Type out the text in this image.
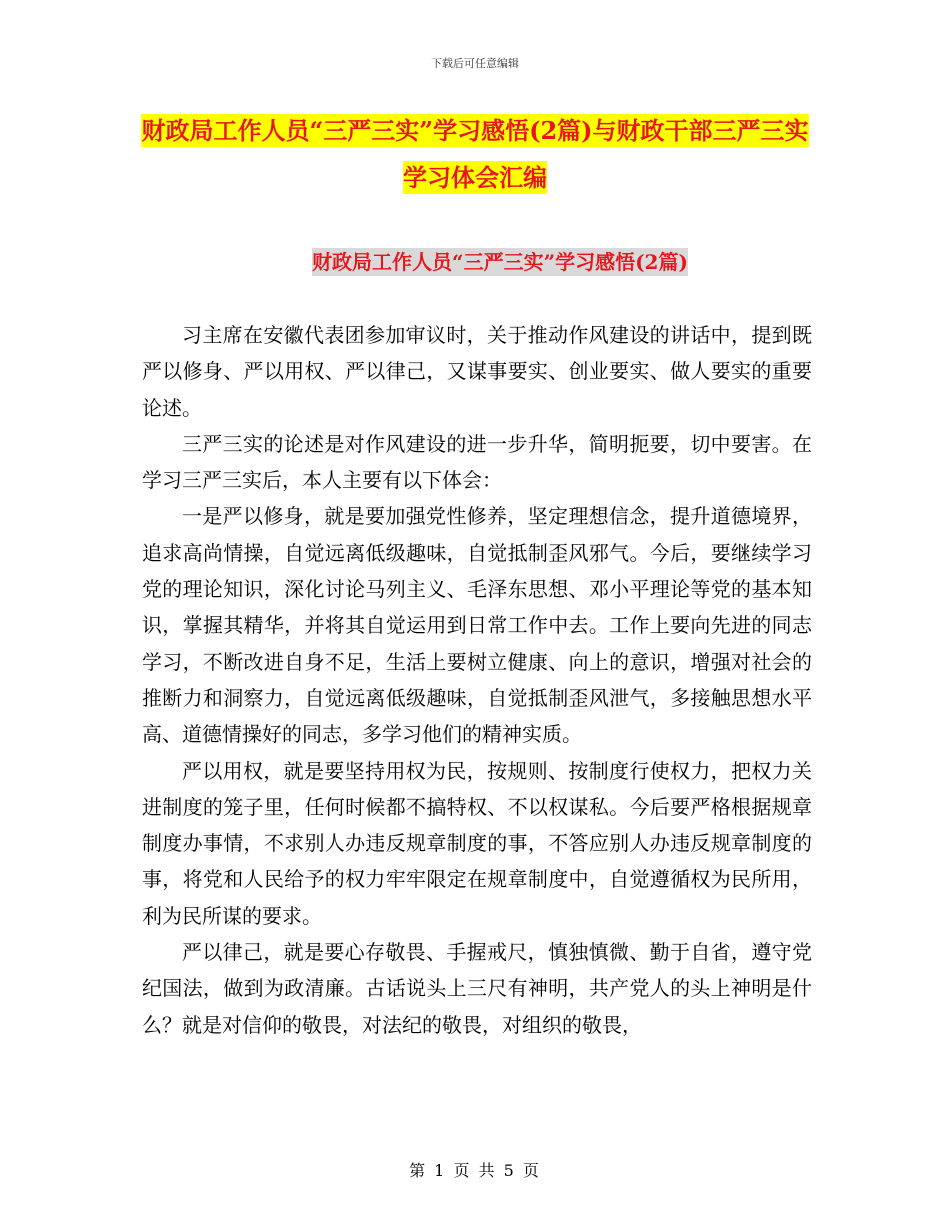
下载后可任意编辑
财政局工作人员“三严三实”学习感悟(2篇)与财政干部三严三实学习体会汇编
财政局工作人员“三严三实”学习感悟(2篇)

习主席在安徽代表团参加审议时，关于推动作风建设的讲话中，提到既严以修身、严以用权、严以律己，又谋事要实、创业要实、做人要实的重要论述。

三严三实的论述是对作风建设的进一步升华，简明扼要，切中要害。在学习三严三实后，本人主要有以下体会：

一是严以修身，就是要加强党性修养，坚定理想信念，提升道德境界，追求高尚情操，自觉远离低级趣味，自觉抵制歪风邪气。今后，要继续学习党的理论知识，深化讨论马列主义、毛泽东思想、邓小平理论等党的基本知识，掌握其精华，并将其自觉运用到日常工作中去。工作上要向先进的同志学习，不断改进自身不足，生活上要树立健康、向上的意识，增强对社会的推断力和洞察力，自觉远离低级趣味，自觉抵制歪风泄气，多接触思想水平高、道德情操好的同志，多学习他们的精神实质。

严以用权，就是要坚持用权为民，按规则、按制度行使权力，把权力关进制度的笼子里，任何时候都不搞特权、不以权谋私。今后要严格根据规章制度办事情，不求别人办违反规章制度的事，不答应别人办违反规章制度的事，将党和人民给予的权力牢牢限定在规章制度中，自觉遵循权为民所用，利为民所谋的要求。

严以律己，就是要心存敬畏、手握戒尺，慎独慎微、勤于自省，遵守党纪国法，做到为政清廉。古话说头上三尺有神明，共产党人的头上神明是什么？就是对信仰的敬畏，对法纪的敬畏，对组织的敬畏，

第 1 页 共 5 页
